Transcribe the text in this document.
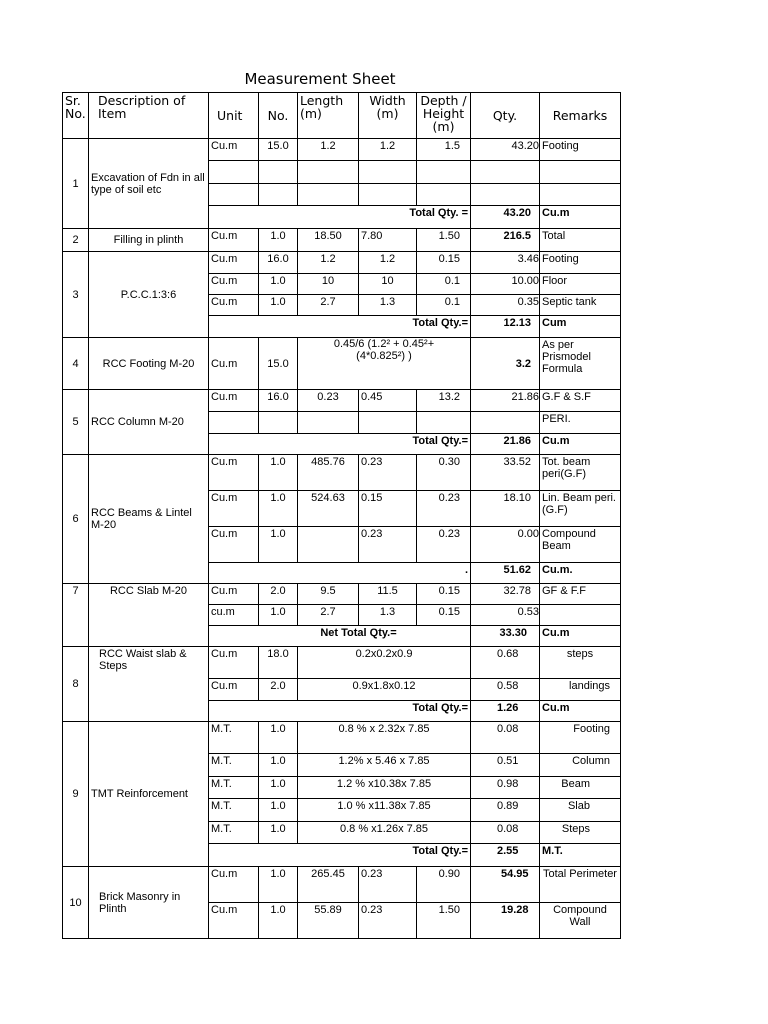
Measurement Sheet
Sr. No.	Description of Item	Unit	No.	Length (m)	Width (m)	Depth / Height (m)	Qty.	Remarks
1	Excavation of Fdn in all type of soil etc	Cu.m	15.0	1.2	1.2	1.5	43.20	Footing

		Total Qty. =					43.20	Cu.m
2	Filling in plinth	Cu.m	1.0	18.50	7.80	1.50	216.5	Total
3	P.C.C.1:3:6	Cu.m	16.0	1.2	1.2	0.15	3.46	Footing
		Cu.m	1.0	10	10	0.1	10.00	Floor
		Cu.m	1.0	2.7	1.3	0.1	0.35	Septic tank
		Total Qty.=					12.13	Cum
4	RCC Footing M-20	Cu.m	15.0	0.45/6 (1.2² + 0.45²+ (4*0.825²) )			3.2	As per Prismodel Formula
5	RCC Column M-20	Cu.m	16.0	0.23	0.45	13.2	21.86	G.F & S.F
								PERI.
		Total Qty.=					21.86	Cu.m
6	RCC Beams & Lintel M-20	Cu.m	1.0	485.76	0.23	0.30	33.52	Tot. beam peri(G.F)
		Cu.m	1.0	524.63	0.15	0.23	18.10	Lin. Beam peri.(G.F)
		Cu.m	1.0		0.23	0.23	0.00	Compound Beam
		.					51.62	Cu.m.
7	RCC Slab M-20	Cu.m	2.0	9.5	11.5	0.15	32.78	GF & F.F
		cu.m	1.0	2.7	1.3	0.15	0.53	
		Net Total Qty.=					33.30	Cu.m
8	RCC Waist slab & Steps	Cu.m	18.0	0.2x0.2x0.9			0.68	steps
		Cu.m	2.0	0.9x1.8x0.12			0.58	landings
		Total Qty.=					1.26	Cu.m
9	TMT Reinforcement	M.T.	1.0	0.8 % x 2.32x 7.85			0.08	Footing
		M.T.	1.0	1.2% x 5.46 x 7.85			0.51	Column
		M.T.	1.0	1.2 % x10.38x 7.85			0.98	Beam
		M.T.	1.0	1.0 % x11.38x 7.85			0.89	Slab
		M.T.	1.0	0.8 % x1.26x 7.85			0.08	Steps
		Total Qty.=					2.55	M.T.
10	Brick Masonry in Plinth	Cu.m	1.0	265.45	0.23	0.90	54.95	Total Perimeter
		Cu.m	1.0	55.89	0.23	1.50	19.28	Compound Wall
